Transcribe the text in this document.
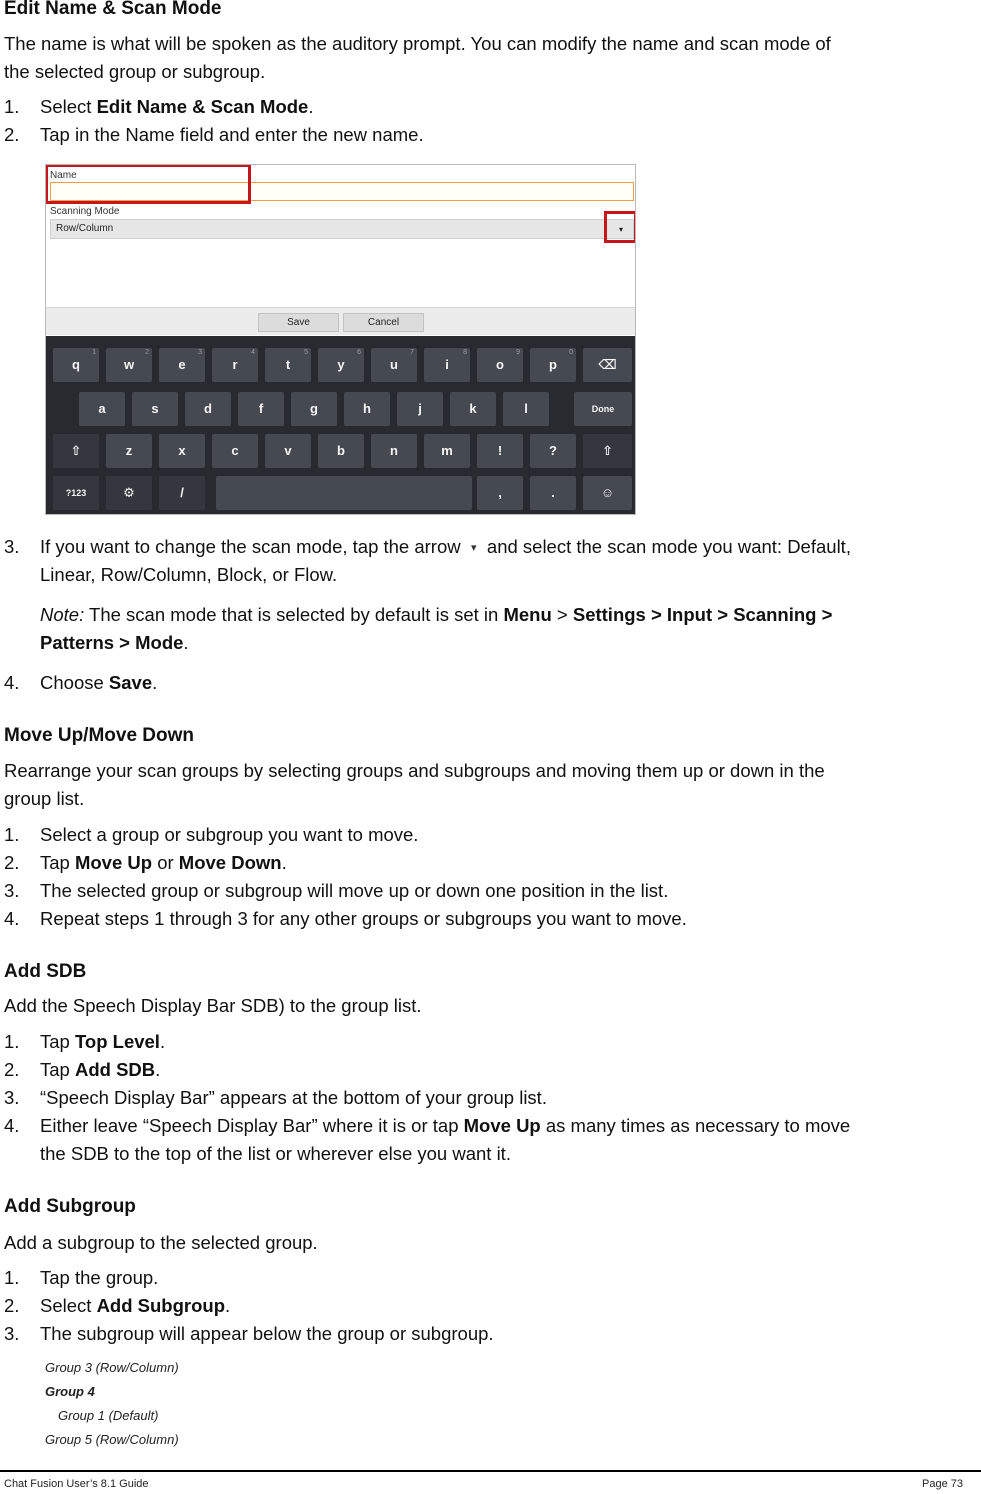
Edit Name & Scan Mode
The name is what will be spoken as the auditory prompt. You can modify the name and scan mode of
the selected group or subgroup.
1. Select Edit Name & Scan Mode.
2. Tap in the Name field and enter the new name.
Name
Scanning Mode
Row/Column	▾
Save	Cancel
q
1
w
2
e
3
r
4
t
5
y
6
u
7
i
8
o
9
p
0
⌫
a	s	d	f	g	h	j	k	l	Done
⇧	z	x	c	v	b	n	m	!	?	⇧
?123	⚙	/	,	.	☺
3. If you want to change the scan mode, tap the arrow ▾ and select the scan mode you want: Default,
Linear, Row/Column, Block, or Flow.
Note: The scan mode that is selected by default is set in Menu > Settings > Input > Scanning >
Patterns > Mode.
4. Choose Save.
Move Up/Move Down
Rearrange your scan groups by selecting groups and subgroups and moving them up or down in the
group list.
1. Select a group or subgroup you want to move.
2. Tap Move Up or Move Down.
3. The selected group or subgroup will move up or down one position in the list.
4. Repeat steps 1 through 3 for any other groups or subgroups you want to move.
Add SDB
Add the Speech Display Bar SDB) to the group list.
1. Tap Top Level.
2. Tap Add SDB.
3. “Speech Display Bar” appears at the bottom of your group list.
4. Either leave “Speech Display Bar” where it is or tap Move Up as many times as necessary to move
the SDB to the top of the list or wherever else you want it.
Add Subgroup
Add a subgroup to the selected group.
1. Tap the group.
2. Select Add Subgroup.
3. The subgroup will appear below the group or subgroup.
Group 3 (Row/Column)
Group 4
Group 1 (Default)
Group 5 (Row/Column)
Chat Fusion User’s 8.1 Guide	Page 73
